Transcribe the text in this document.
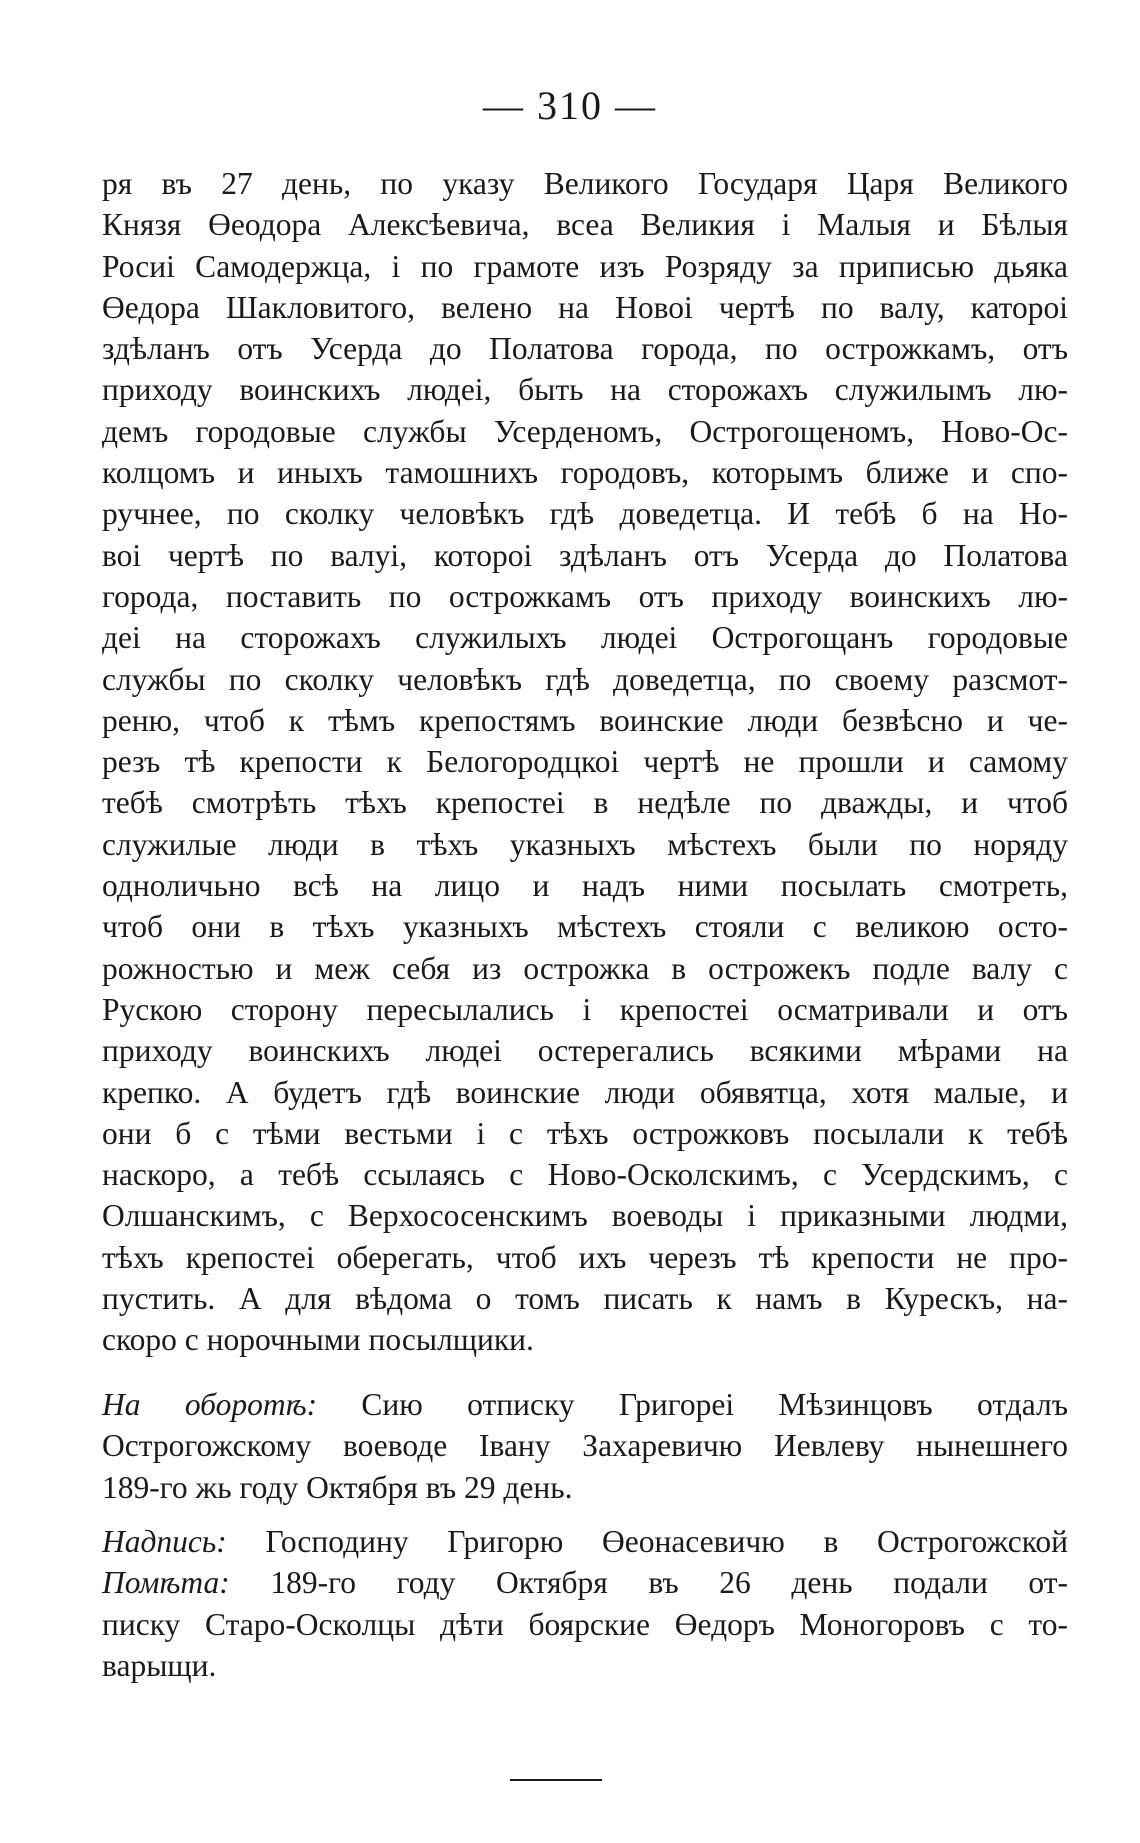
— 310 —
ря въ 27 день, по указу Великого Государя Царя Великого
Князя Өеодора Алексѣевича, всеа Великия і Малыя и Бѣлыя
Росиі Самодержца, і по грамоте изъ Розряду за приписью дьяка
Өедора Шакловитого, велено на Новоі чертѣ по валу, катороі
здѣланъ отъ Усерда до Полатова города, по острожкамъ, отъ
приходу воинскихъ людеі, быть на сторожахъ служилымъ лю-
демъ городовые службы Усерденомъ, Острогощеномъ, Ново-Ос-
колцомъ и иныхъ тамошнихъ городовъ, которымъ ближе и спо-
ручнее, по сколку человѣкъ гдѣ доведетца. И тебѣ б на Но-
воі чертѣ по валуі, котороі здѣланъ отъ Усерда до Полатова
города, поставить по острожкамъ отъ приходу воинскихъ лю-
деі на сторожахъ служилыхъ людеі Острогощанъ городовые
службы по сколку человѣкъ гдѣ доведетца, по своему разсмот-
реню, чтоб к тѣмъ крепостямъ воинские люди безвѣсно и че-
резъ тѣ крепости к Белогородцкоі чертѣ не прошли и самому
тебѣ смотрѣть тѣхъ крепостеі в недѣле по дважды, и чтоб
служилые люди в тѣхъ указныхъ мѣстехъ были по норяду
одноличьно всѣ на лицо и надъ ними посылать смотреть,
чтоб они в тѣхъ указныхъ мѣстехъ стояли с великою осто-
рожностью и меж себя из острожка в острожекъ подле валу с
Рускою сторону пересылались і крепостеі осматривали и отъ
приходу воинскихъ людеі остерегались всякими мѣрами на
крепко. А будетъ гдѣ воинские люди обявятца, хотя малые, и
они б с тѣми вестьми і с тѣхъ острожковъ посылали к тебѣ
наскоро, а тебѣ ссылаясь с Ново-Осколскимъ, с Усердскимъ, с
Олшанскимъ, с Верхососенскимъ воеводы і приказными людми,
тѣхъ крепостеі оберегать, чтоб ихъ черезъ тѣ крепости не про-
пустить. А для вѣдома о томъ писать к намъ в Курескъ, на-
скоро с норочными посылщики.
На оборотѣ: Сию отписку Григореі Мѣзинцовъ отдалъ
Острогожскому воеводе Івану Захаревичю Иевлеву нынешнего
189-го жь году Октября въ 29 день.
Надпись: Господину Григорю Өеонасевичю в Острогожской
Помѣта: 189-го году Октября въ 26 день подали от-
писку Старо-Осколцы дѣти боярские Өедоръ Моногоровъ с то-
варыщи.
